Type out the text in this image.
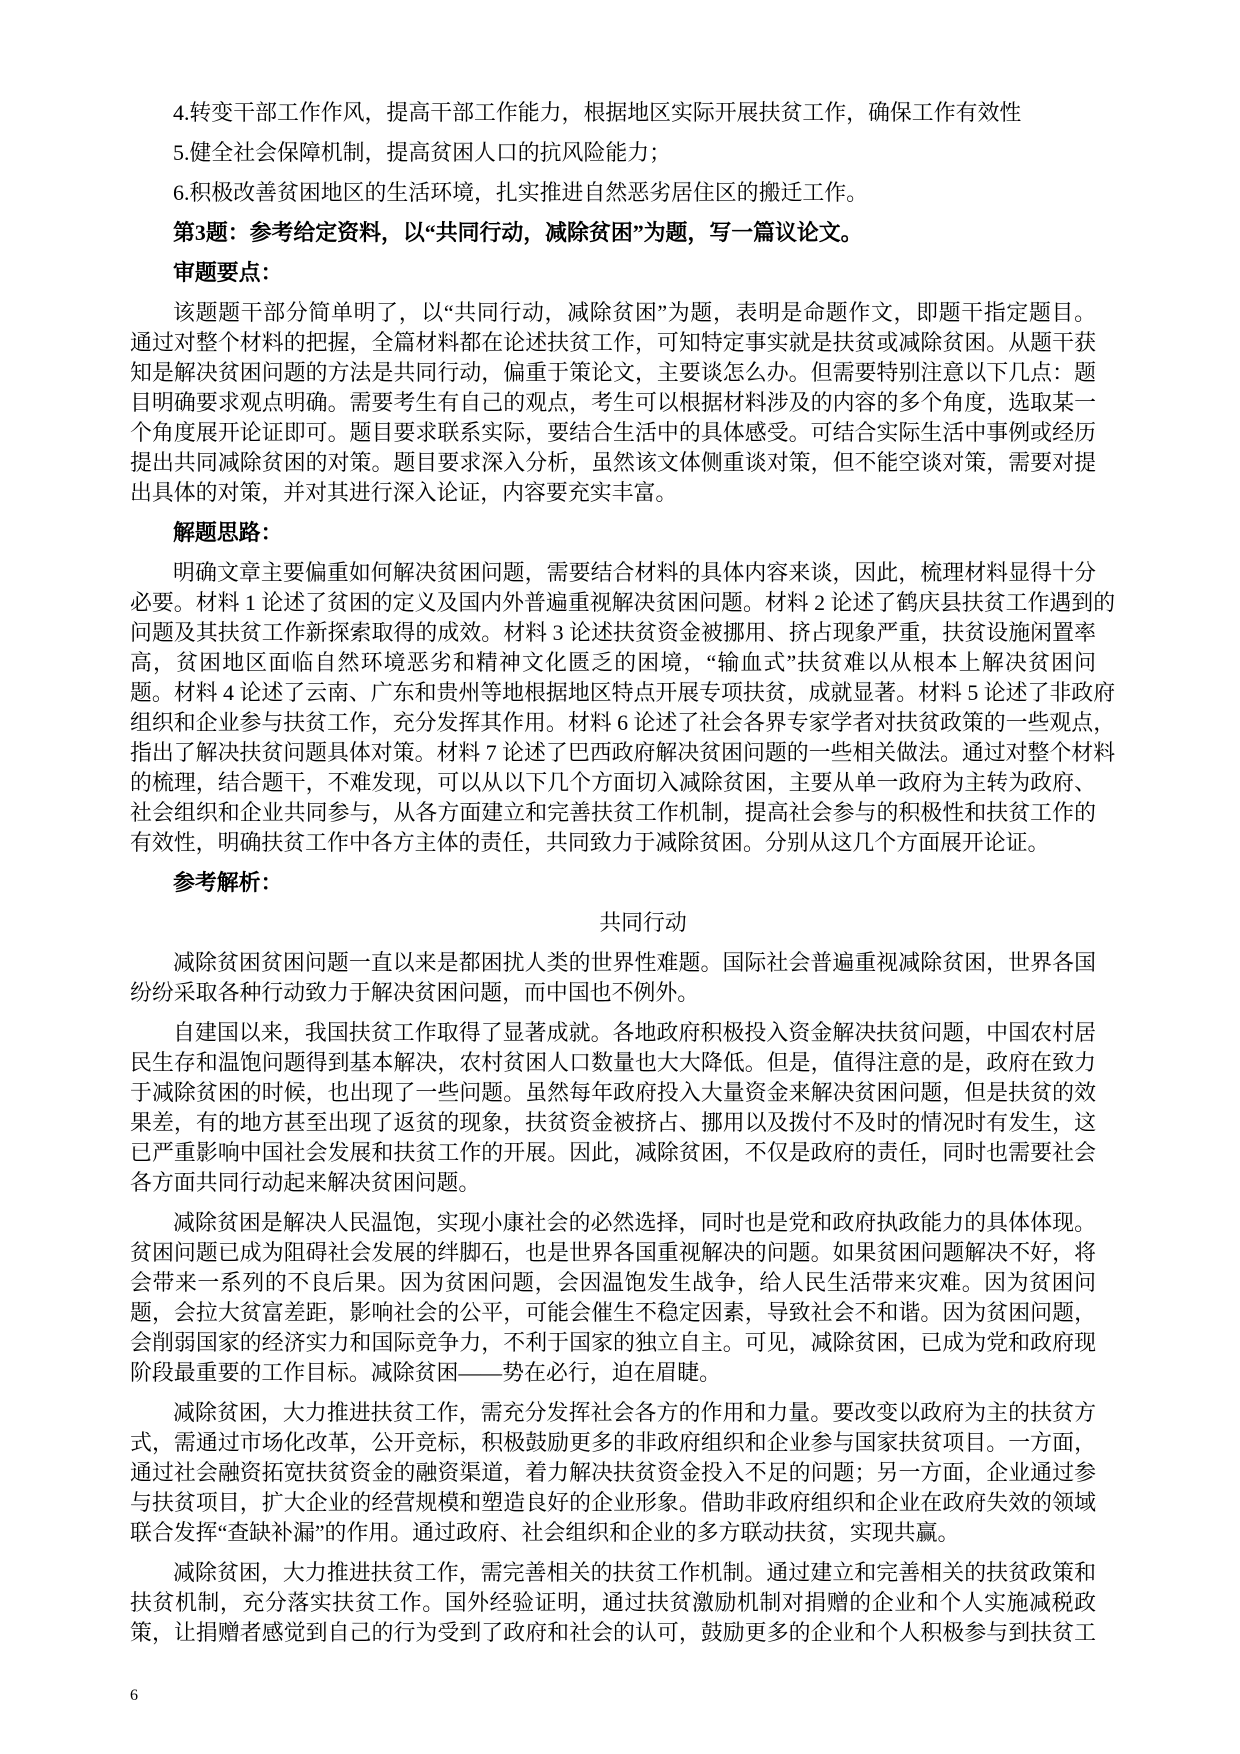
4.转变干部工作作风，提高干部工作能力，根据地区实际开展扶贫工作，确保工作有效性
5.健全社会保障机制，提高贫困人口的抗风险能力；
6.积极改善贫困地区的生活环境，扎实推进自然恶劣居住区的搬迁工作。
第3题：参考给定资料，以“共同行动，减除贫困”为题，写一篇议论文。
审题要点：
该题题干部分简单明了，以“共同行动，减除贫困”为题，表明是命题作文，即题干指定题目。
通过对整个材料的把握，全篇材料都在论述扶贫工作，可知特定事实就是扶贫或减除贫困。从题干获
知是解决贫困问题的方法是共同行动，偏重于策论文，主要谈怎么办。但需要特别注意以下几点：题
目明确要求观点明确。需要考生有自己的观点，考生可以根据材料涉及的内容的多个角度，选取某一
个角度展开论证即可。题目要求联系实际，要结合生活中的具体感受。可结合实际生活中事例或经历
提出共同减除贫困的对策。题目要求深入分析，虽然该文体侧重谈对策，但不能空谈对策，需要对提
出具体的对策，并对其进行深入论证，内容要充实丰富。
解题思路：
明确文章主要偏重如何解决贫困问题，需要结合材料的具体内容来谈，因此，梳理材料显得十分
必要。材料 1 论述了贫困的定义及国内外普遍重视解决贫困问题。材料 2 论述了鹤庆县扶贫工作遇到的
问题及其扶贫工作新探索取得的成效。材料 3 论述扶贫资金被挪用、挤占现象严重，扶贫设施闲置率
高，贫困地区面临自然环境恶劣和精神文化匮乏的困境，“输血式”扶贫难以从根本上解决贫困问
题。材料 4 论述了云南、广东和贵州等地根据地区特点开展专项扶贫，成就显著。材料 5 论述了非政府
组织和企业参与扶贫工作，充分发挥其作用。材料 6 论述了社会各界专家学者对扶贫政策的一些观点，
指出了解决扶贫问题具体对策。材料 7 论述了巴西政府解决贫困问题的一些相关做法。通过对整个材料
的梳理，结合题干，不难发现，可以从以下几个方面切入减除贫困，主要从单一政府为主转为政府、
社会组织和企业共同参与，从各方面建立和完善扶贫工作机制，提高社会参与的积极性和扶贫工作的
有效性，明确扶贫工作中各方主体的责任，共同致力于减除贫困。分别从这几个方面展开论证。
参考解析：
共同行动
减除贫困贫困问题一直以来是都困扰人类的世界性难题。国际社会普遍重视减除贫困，世界各国
纷纷采取各种行动致力于解决贫困问题，而中国也不例外。
自建国以来，我国扶贫工作取得了显著成就。各地政府积极投入资金解决扶贫问题，中国农村居
民生存和温饱问题得到基本解决，农村贫困人口数量也大大降低。但是，值得注意的是，政府在致力
于减除贫困的时候，也出现了一些问题。虽然每年政府投入大量资金来解决贫困问题，但是扶贫的效
果差，有的地方甚至出现了返贫的现象，扶贫资金被挤占、挪用以及拨付不及时的情况时有发生，这
已严重影响中国社会发展和扶贫工作的开展。因此，减除贫困，不仅是政府的责任，同时也需要社会
各方面共同行动起来解决贫困问题。
减除贫困是解决人民温饱，实现小康社会的必然选择，同时也是党和政府执政能力的具体体现。
贫困问题已成为阻碍社会发展的绊脚石，也是世界各国重视解决的问题。如果贫困问题解决不好，将
会带来一系列的不良后果。因为贫困问题，会因温饱发生战争，给人民生活带来灾难。因为贫困问
题，会拉大贫富差距，影响社会的公平，可能会催生不稳定因素，导致社会不和谐。因为贫困问题，
会削弱国家的经济实力和国际竞争力，不利于国家的独立自主。可见，减除贫困，已成为党和政府现
阶段最重要的工作目标。减除贫困——势在必行，迫在眉睫。
减除贫困，大力推进扶贫工作，需充分发挥社会各方的作用和力量。要改变以政府为主的扶贫方
式，需通过市场化改革，公开竞标，积极鼓励更多的非政府组织和企业参与国家扶贫项目。一方面，
通过社会融资拓宽扶贫资金的融资渠道，着力解决扶贫资金投入不足的问题；另一方面，企业通过参
与扶贫项目，扩大企业的经营规模和塑造良好的企业形象。借助非政府组织和企业在政府失效的领域
联合发挥“查缺补漏”的作用。通过政府、社会组织和企业的多方联动扶贫，实现共赢。
减除贫困，大力推进扶贫工作，需完善相关的扶贫工作机制。通过建立和完善相关的扶贫政策和
扶贫机制，充分落实扶贫工作。国外经验证明，通过扶贫激励机制对捐赠的企业和个人实施减税政
策，让捐赠者感觉到自己的行为受到了政府和社会的认可，鼓励更多的企业和个人积极参与到扶贫工
6
